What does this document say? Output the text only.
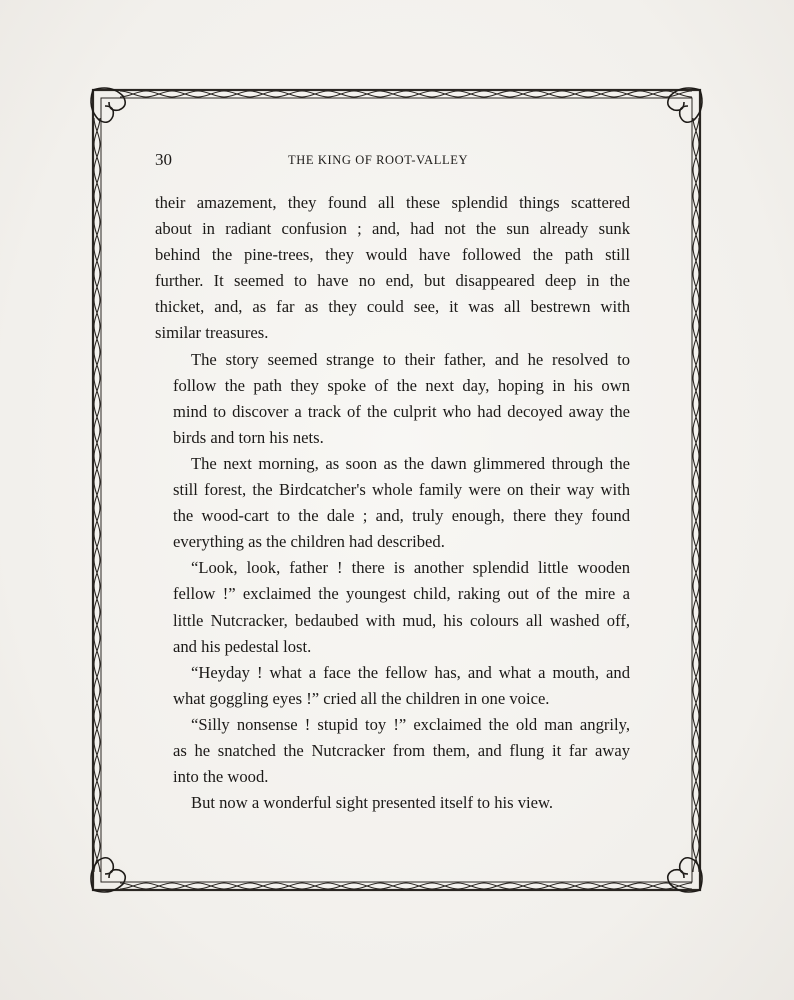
30	THE KING OF ROOT-VALLEY

their amazement, they found all these splendid things scattered
about in radiant confusion ; and, had not the sun already sunk
behind the pine-trees, they would have followed the path still
further. It seemed to have no end, but disappeared deep in the
thicket, and, as far as they could see, it was all bestrewn with
similar treasures.

The story seemed strange to their father, and he resolved to
follow the path they spoke of the next day, hoping in his own
mind to discover a track of the culprit who had decoyed away the
birds and torn his nets.

The next morning, as soon as the dawn glimmered through the
still forest, the Birdcatcher's whole family were on their way with
the wood-cart to the dale ; and, truly enough, there they found
everything as the children had described.

“Look, look, father ! there is another splendid little wooden
fellow !” exclaimed the youngest child, raking out of the mire a
little Nutcracker, bedaubed with mud, his colours all washed off,
and his pedestal lost.

“Heyday ! what a face the fellow has, and what a mouth, and
what goggling eyes !” cried all the children in one voice.

“Silly nonsense ! stupid toy !” exclaimed the old man angrily,
as he snatched the Nutcracker from them, and flung it far away
into the wood.

But now a wonderful sight presented itself to his view.
